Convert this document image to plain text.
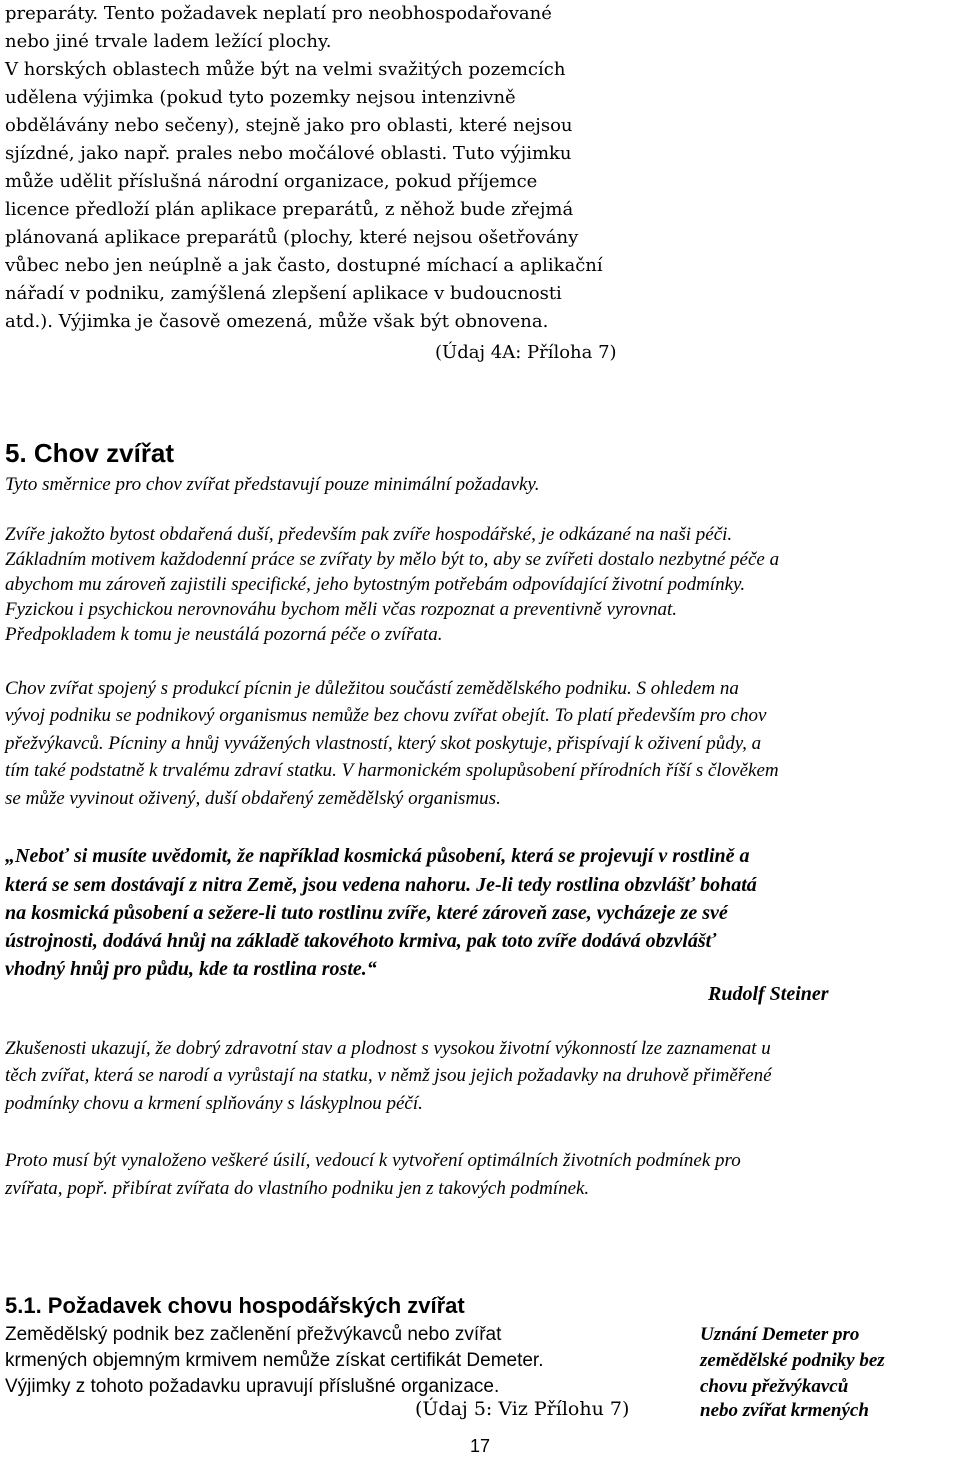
preparáty. Tento požadavek neplatí pro neobhospodařované

nebo jiné trvale ladem ležící plochy.

V horských oblastech může být na velmi svažitých pozemcích

udělena výjimka (pokud tyto pozemky nejsou intenzivně

obdělávány nebo sečeny), stejně jako pro oblasti, které nejsou

sjízdné, jako např. prales nebo močálové oblasti. Tuto výjimku

může udělit příslušná národní organizace, pokud příjemce

licence předloží plán aplikace preparátů, z něhož bude zřejmá

plánovaná aplikace preparátů (plochy, které nejsou ošetřovány

vůbec nebo jen neúplně a jak často, dostupné míchací a aplikační

nářadí v podniku, zamýšlená zlepšení aplikace v budoucnosti

atd.). Výjimka je časově omezená, může však být obnovena.

(Údaj 4A: Příloha 7)

5. Chov zvířat

Tyto směrnice pro chov zvířat představují pouze minimální požadavky.

Zvíře jakožto bytost obdařená duší, především pak zvíře hospodářské, je odkázané na naši péči.

Základním motivem každodenní práce se zvířaty by mělo být to, aby se zvířeti dostalo nezbytné péče a

abychom mu zároveň zajistili specifické, jeho bytostným potřebám odpovídající životní podmínky.

Fyzickou i psychickou nerovnováhu bychom měli včas rozpoznat a preventivně vyrovnat.

Předpokladem k tomu je neustálá pozorná péče o zvířata.

Chov zvířat spojený s produkcí pícnin je důležitou součástí zemědělského podniku. S ohledem na

vývoj podniku se podnikový organismus nemůže bez chovu zvířat obejít. To platí především pro chov

přežvýkavců. Pícniny a hnůj vyvážených vlastností, který skot poskytuje, přispívají k oživení půdy, a

tím také podstatně k trvalému zdraví statku. V harmonickém spolupůsobení přírodních říší s člověkem

se může vyvinout oživený, duší obdařený zemědělský organismus.

„Neboť si musíte uvědomit, že například kosmická působení, která se projevují v rostlině a

která se sem dostávají z nitra Země, jsou vedena nahoru. Je-li tedy rostlina obzvlášť bohatá

na kosmická působení a sežere-li tuto rostlinu zvíře, které zároveň zase, vycházeje ze své

ústrojnosti, dodává hnůj na základě takovéhoto krmiva, pak toto zvíře dodává obzvlášť

vhodný hnůj pro půdu, kde ta rostlina roste.“

Rudolf Steiner

Zkušenosti ukazují, že dobrý zdravotní stav a plodnost s vysokou životní výkonností lze zaznamenat u

těch zvířat, která se narodí a vyrůstají na statku, v němž jsou jejich požadavky na druhově přiměřené

podmínky chovu a krmení splňovány s láskyplnou péčí.

Proto musí být vynaloženo veškeré úsilí, vedoucí k vytvoření optimálních životních podmínek pro

zvířata, popř. přibírat zvířata do vlastního podniku jen z takových podmínek.

5.1. Požadavek chovu hospodářských zvířat

Zemědělský podnik bez začlenění přežvýkavců nebo zvířat

krmených objemným krmivem nemůže získat certifikát Demeter.

Výjimky z tohoto požadavku upravují příslušné organizace.

(Údaj 5: Viz Přílohu 7)

Uznání Demeter pro

zemědělské podniky bez

chovu přežvýkavců

nebo zvířat krmených

17
